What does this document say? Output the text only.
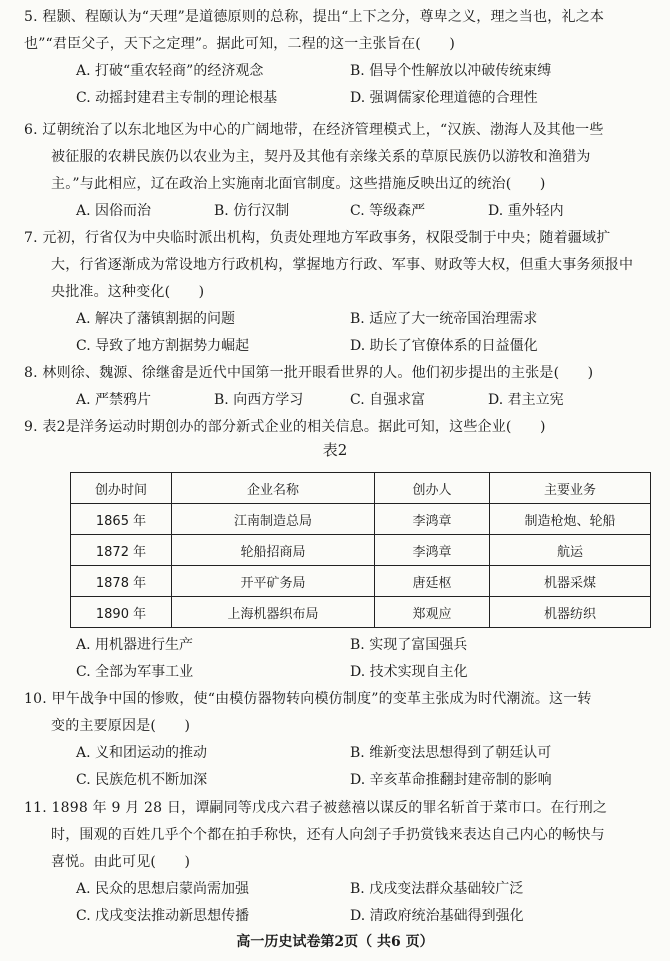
5. 程颢、程颐认为“天理”是道德原则的总称，提出“上下之分，尊卑之义，理之当也，礼之本
也”“君臣父子，天下之定理”。据此可知，二程的这一主张旨在(　　)
A. 打破“重农轻商”的经济观念	B. 倡导个性解放以冲破传统束缚
C. 动摇封建君主专制的理论根基	D. 强调儒家伦理道德的合理性
6. 辽朝统治了以东北地区为中心的广阔地带，在经济管理模式上，“汉族、渤海人及其他一些
被征服的农耕民族仍以农业为主，契丹及其他有亲缘关系的草原民族仍以游牧和渔猎为
主。”与此相应，辽在政治上实施南北面官制度。这些措施反映出辽的统治(　　)
A. 因俗而治	B. 仿行汉制	C. 等级森严	D. 重外轻内
7. 元初，行省仅为中央临时派出机构，负责处理地方军政事务，权限受制于中央；随着疆域扩
大，行省逐渐成为常设地方行政机构，掌握地方行政、军事、财政等大权，但重大事务须报中
央批准。这种变化(　　)
A. 解决了藩镇割据的问题	B. 适应了大一统帝国治理需求
C. 导致了地方割据势力崛起	D. 助长了官僚体系的日益僵化
8. 林则徐、魏源、徐继畬是近代中国第一批开眼看世界的人。他们初步提出的主张是(　　)
A. 严禁鸦片	B. 向西方学习	C. 自强求富	D. 君主立宪
9. 表2是洋务运动时期创办的部分新式企业的相关信息。据此可知，这些企业(　　)
表2
创办时间	企业名称	创办人	主要业务
1865 年	江南制造总局	李鸿章	制造枪炮、轮船
1872 年	轮船招商局	李鸿章	航运
1878 年	开平矿务局	唐廷枢	机器采煤
1890 年	上海机器织布局	郑观应	机器纺织
A. 用机器进行生产	B. 实现了富国强兵
C. 全部为军事工业	D. 技术实现自主化
10. 甲午战争中国的惨败，使“由模仿器物转向模仿制度”的变革主张成为时代潮流。这一转
变的主要原因是(　　)
A. 义和团运动的推动	B. 维新变法思想得到了朝廷认可
C. 民族危机不断加深	D. 辛亥革命推翻封建帝制的影响
11. 1898 年 9 月 28 日，谭嗣同等戊戌六君子被慈禧以谋反的罪名斩首于菜市口。在行刑之
时，围观的百姓几乎个个都在拍手称快，还有人向刽子手扔赏钱来表达自己内心的畅快与
喜悦。由此可见(　　)
A. 民众的思想启蒙尚需加强	B. 戊戌变法群众基础较广泛
C. 戊戌变法推动新思想传播	D. 清政府统治基础得到强化
高一历史试卷第2页（ 共6 页）
